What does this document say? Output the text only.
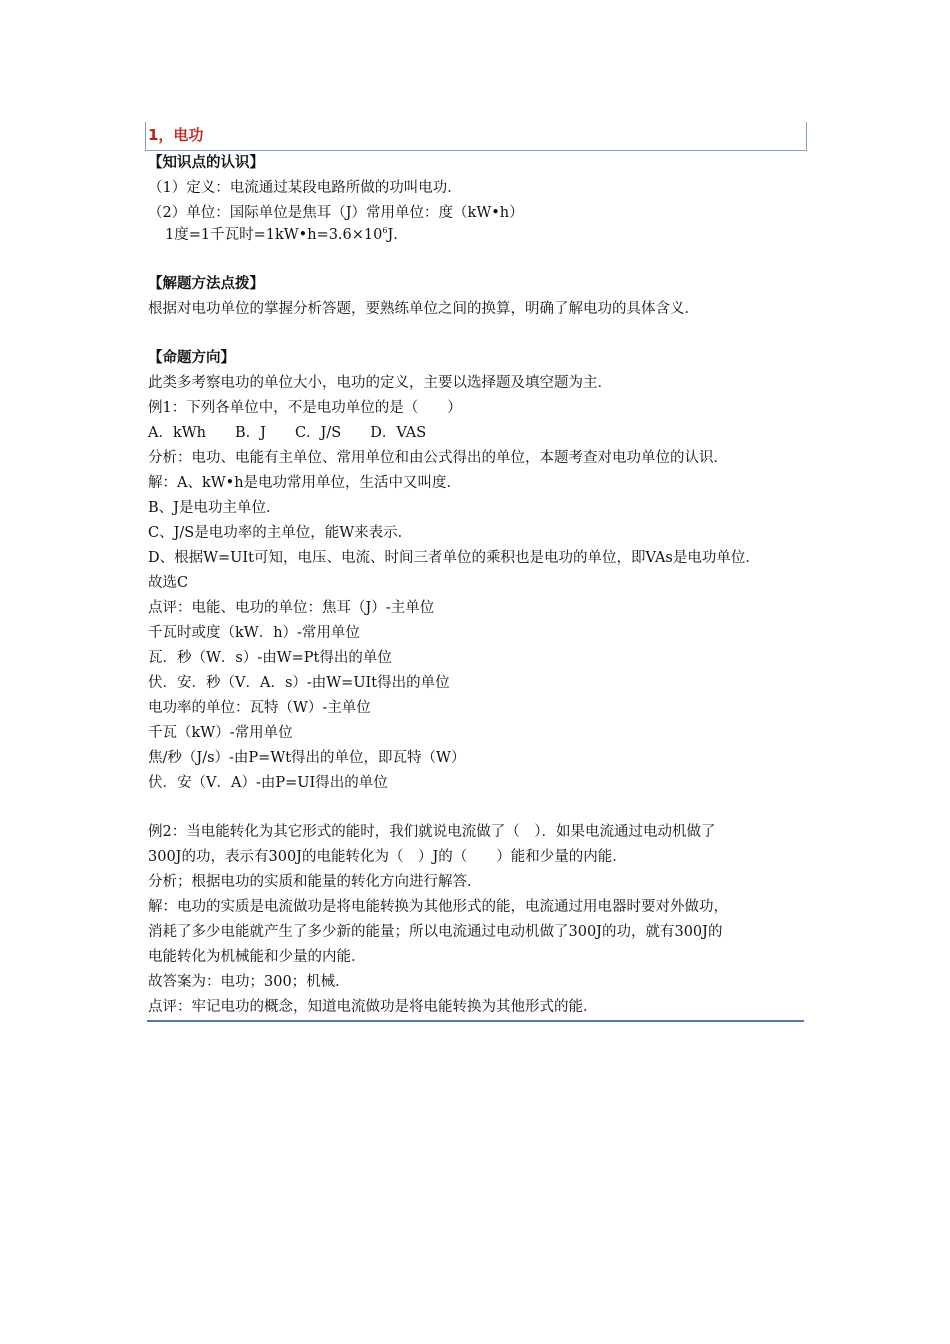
1，电功
【知识点的认识】
（1）定义：电流通过某段电路所做的功叫电功．
（2）单位：国际单位是焦耳（J）常用单位：度（kW•h）
1度=1千瓦时$=1kW•h=3.6\times 10^6J$．
【解题方法点拨】
根据对电功单位的掌握分析答题，要熟练单位之间的换算，明确了解电功的具体含义．
【命题方向】
此类多考察电功的单位大小，电功的定义，主要以选择题及填空题为主．
例1：下列各单位中，不是电功单位的是（　　）
A．kWh　　B．J　　C．J/S　　D．VAS
分析：电功、电能有主单位、常用单位和由公式得出的单位，本题考查对电功单位的认识．
解：A、kW•h是电功常用单位，生活中又叫度．
B、J是电功主单位．
C、J/S是电功率的主单位，能W来表示．
D、根据W=UIt可知，电压、电流、时间三者单位的乘积也是电功的单位，即VAs是电功单位．
故选C
点评：电能、电功的单位：焦耳（J）-主单位
千瓦时或度（kW．h）-常用单位
瓦．秒（W．s）-由W=Pt得出的单位
伏．安．秒（V．A．s）-由W=UIt得出的单位
电功率的单位：瓦特（W）-主单位
千瓦（kW）-常用单位
焦/秒（J/s）-由P=Wt得出的单位，即瓦特（W）
伏．安（V．A）-由P=UI得出的单位
例2：当电能转化为其它形式的能时，我们就说电流做了（　）．如果电流通过电动机做了
300J的功，表示有300J的电能转化为（　）J的（　　）能和少量的内能．
分析；根据电功的实质和能量的转化方向进行解答．
解：电功的实质是电流做功是将电能转换为其他形式的能，电流通过用电器时要对外做功，
消耗了多少电能就产生了多少新的能量；所以电流通过电动机做了300J的功，就有300J的
电能转化为机械能和少量的内能．
故答案为：电功；300；机械．
点评：牢记电功的概念，知道电流做功是将电能转换为其他形式的能．
